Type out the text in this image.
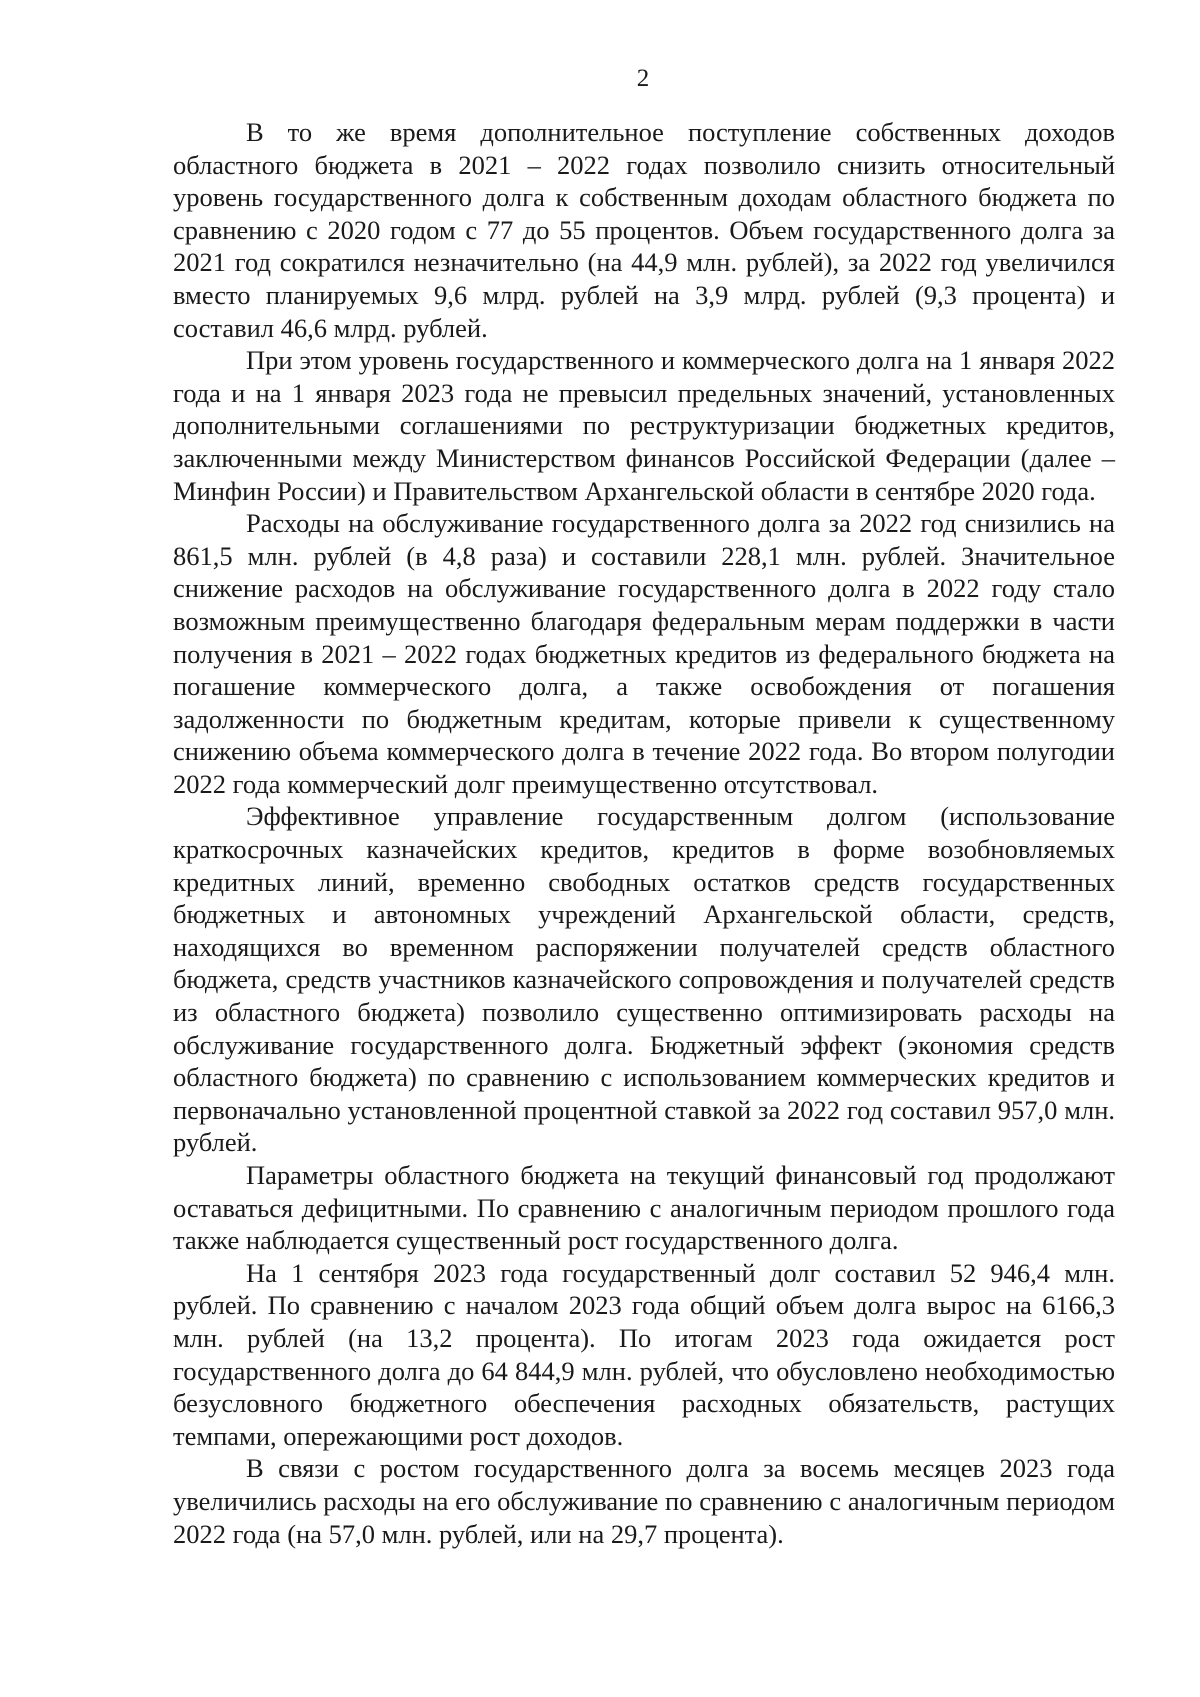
2

В то же время дополнительное поступление собственных доходов областного бюджета в 2021 – 2022 годах позволило снизить относительный уровень государственного долга к собственным доходам областного бюджета по сравнению с 2020 годом с 77 до 55 процентов. Объем государственного долга за 2021 год сократился незначительно (на 44,9 млн. рублей), за 2022 год увеличился вместо планируемых 9,6 млрд. рублей на 3,9 млрд. рублей (9,3 процента) и составил 46,6 млрд. рублей.

При этом уровень государственного и коммерческого долга на 1 января 2022 года и на 1 января 2023 года не превысил предельных значений, установленных дополнительными соглашениями по реструктуризации бюджетных кредитов, заключенными между Министерством финансов Российской Федерации (далее – Минфин России) и Правительством Архангельской области в сентябре 2020 года.

Расходы на обслуживание государственного долга за 2022 год снизились на 861,5 млн. рублей (в 4,8 раза) и составили 228,1 млн. рублей. Значительное снижение расходов на обслуживание государственного долга в 2022 году стало возможным преимущественно благодаря федеральным мерам поддержки в части получения в 2021 – 2022 годах бюджетных кредитов из федерального бюджета на погашение коммерческого долга, а также освобождения от погашения задолженности по бюджетным кредитам, которые привели к существенному снижению объема коммерческого долга в течение 2022 года. Во втором полугодии 2022 года коммерческий долг преимущественно отсутствовал.

Эффективное управление государственным долгом (использование краткосрочных казначейских кредитов, кредитов в форме возобновляемых кредитных линий, временно свободных остатков средств государственных бюджетных и автономных учреждений Архангельской области, средств, находящихся во временном распоряжении получателей средств областного бюджета, средств участников казначейского сопровождения и получателей средств из областного бюджета) позволило существенно оптимизировать расходы на обслуживание государственного долга. Бюджетный эффект (экономия средств областного бюджета) по сравнению с использованием коммерческих кредитов и первоначально установленной процентной ставкой за 2022 год составил 957,0 млн. рублей.

Параметры областного бюджета на текущий финансовый год продолжают оставаться дефицитными. По сравнению с аналогичным периодом прошлого года также наблюдается существенный рост государственного долга.

На 1 сентября 2023 года государственный долг составил 52 946,4 млн. рублей. По сравнению с началом 2023 года общий объем долга вырос на 6166,3 млн. рублей (на 13,2 процента). По итогам 2023 года ожидается рост государственного долга до 64 844,9 млн. рублей, что обусловлено необходимостью безусловного бюджетного обеспечения расходных обязательств, растущих темпами, опережающими рост доходов.

В связи с ростом государственного долга за восемь месяцев 2023 года увеличились расходы на его обслуживание по сравнению с аналогичным периодом 2022 года (на 57,0 млн. рублей, или на 29,7 процента).
